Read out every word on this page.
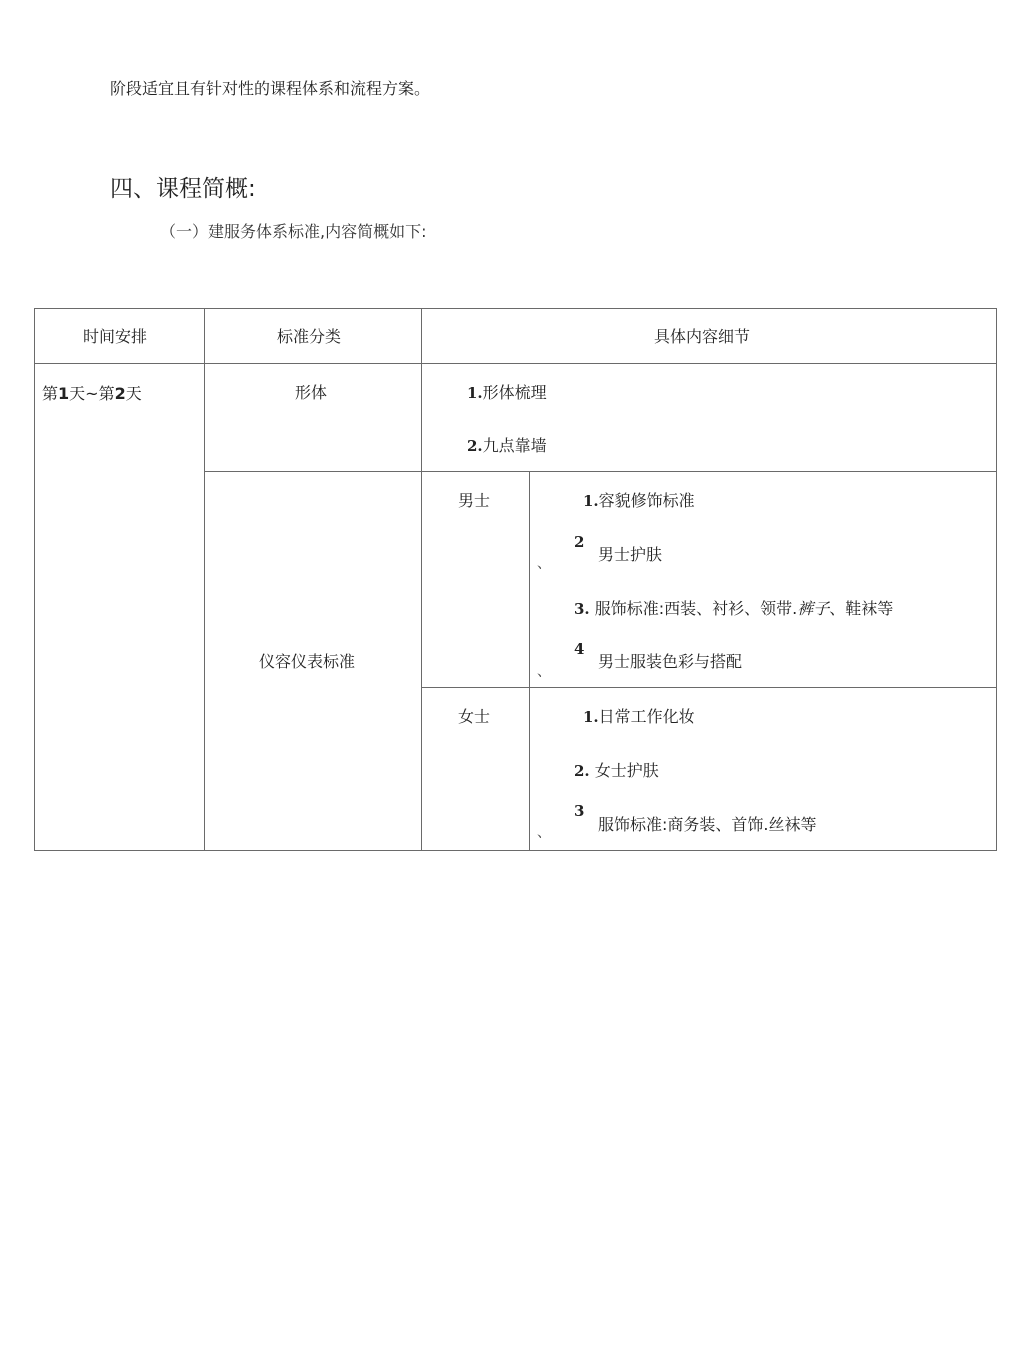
阶段适宜且有针对性的课程体系和流程方案。
四、课程简概:
（一）建服务体系标准,内容简概如下:
时间安排	标准分类	具体内容细节
第1天~第2天	形体	1.形体梳理
2.九点靠墙
仪容仪表标准
男士	1.容貌修饰标准
、
2
男士护肤
3. 服饰标准:西装、衬衫、领带.裤子、鞋袜等
、
4
男士服装色彩与搭配
女士	1.日常工作化妆
2. 女士护肤
、
3
服饰标准:商务装、首饰.丝袜等
